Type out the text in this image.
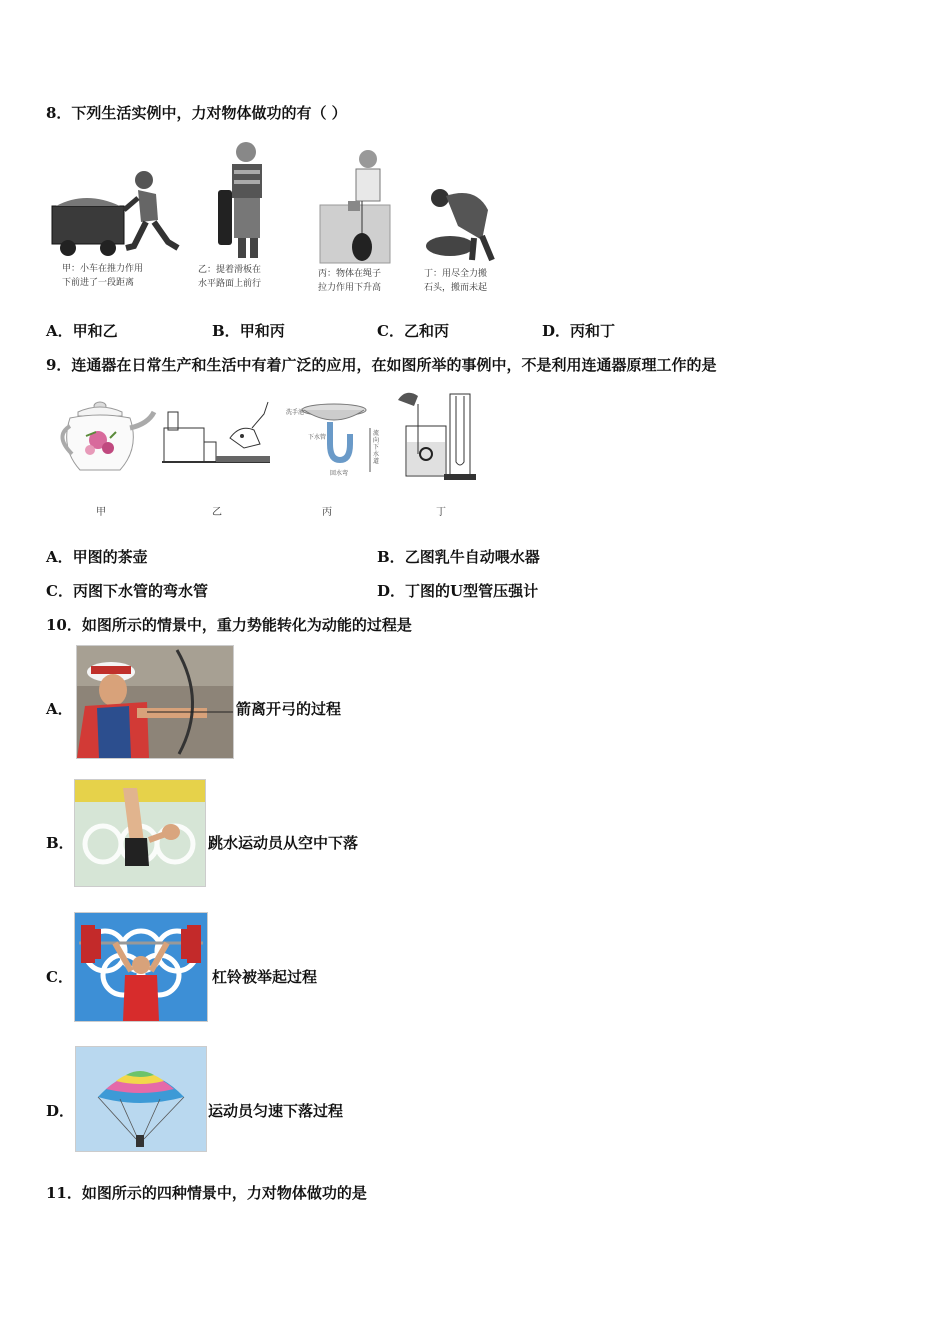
8．下列生活实例中，力对物体做功的有（ ）
甲：小车在推力作用
下前进了一段距离
乙：提着滑板在
水平路面上前行
丙：物体在绳子
拉力作用下升高
丁：用尽全力搬
石头，搬而未起
A．甲和乙	B．甲和丙	C．乙和丙	D．丙和丁
9．连通器在日常生产和生活中有着广泛的应用，在如图所举的事例中，不是利用连通器原理工作的是
甲	乙
洗手池
下水管
回水弯
流向下水道
丙	丁
A．甲图的茶壶	B．乙图乳牛自动喂水器
C．丙图下水管的弯水管	D．丁图的U型管压强计
10．如图所示的情景中，重力势能转化为动能的过程是
A．	箭离开弓的过程
B．	跳水运动员从空中下落
C．	杠铃被举起过程
D．	运动员匀速下落过程
11．如图所示的四种情景中，力对物体做功的是
